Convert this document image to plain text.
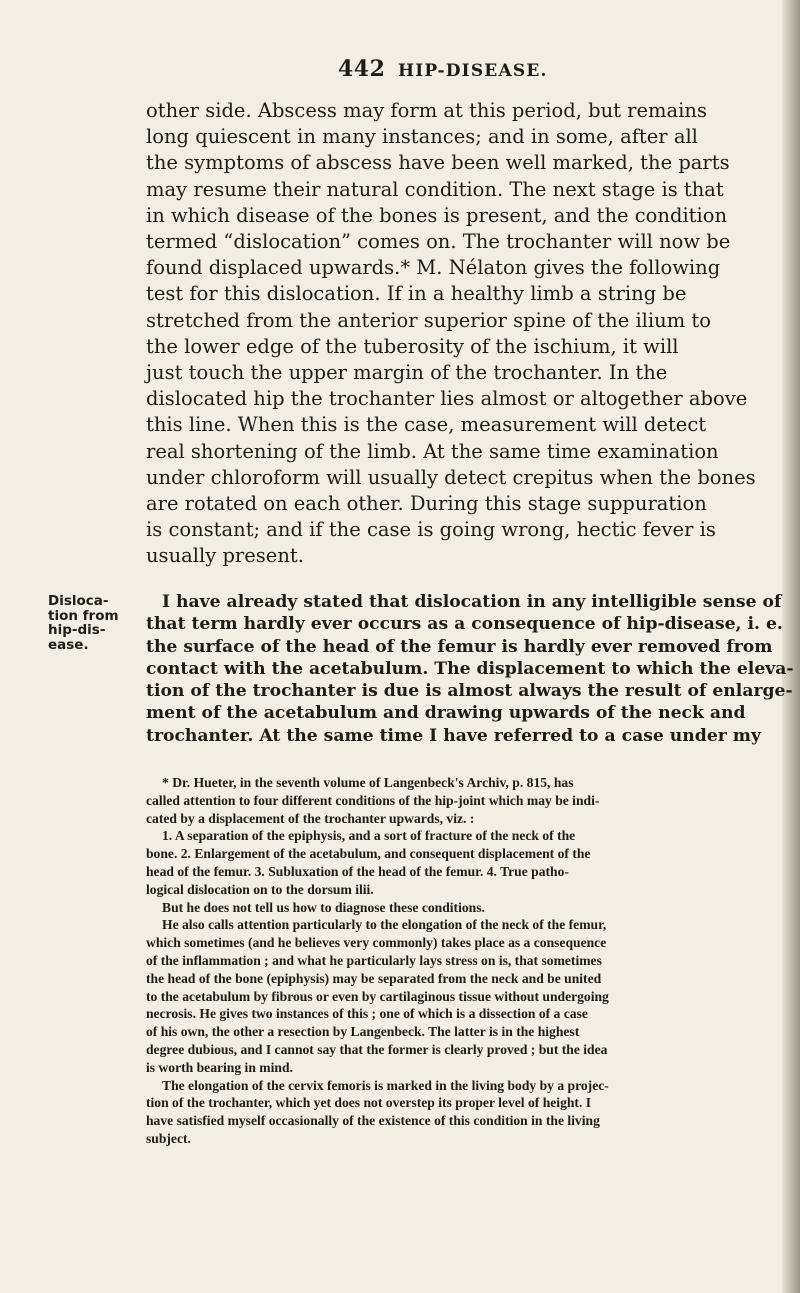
442 HIP-DISEASE.
other side. Abscess may form at this period, but remains
long quiescent in many instances; and in some, after all
the symptoms of abscess have been well marked, the parts
may resume their natural condition. The next stage is that
in which disease of the bones is present, and the condition
termed “dislocation” comes on. The trochanter will now be
found displaced upwards.* M. Nélaton gives the following
test for this dislocation. If in a healthy limb a string be
stretched from the anterior superior spine of the ilium to
the lower edge of the tuberosity of the ischium, it will
just touch the upper margin of the trochanter. In the
dislocated hip the trochanter lies almost or altogether above
this line. When this is the case, measurement will detect
real shortening of the limb. At the same time examination
under chloroform will usually detect crepitus when the bones
are rotated on each other. During this stage suppuration
is constant; and if the case is going wrong, hectic fever is
usually present.
Disloca-
tion from
hip-dis-
ease.
I have already stated that dislocation in any intelligible sense of
that term hardly ever occurs as a consequence of hip-disease, i. e.
the surface of the head of the femur is hardly ever removed from
contact with the acetabulum. The displacement to which the eleva-
tion of the trochanter is due is almost always the result of enlarge-
ment of the acetabulum and drawing upwards of the neck and
trochanter. At the same time I have referred to a case under my
* Dr. Hueter, in the seventh volume of Langenbeck's Archiv, p. 815, has
called attention to four different conditions of the hip-joint which may be indi-
cated by a displacement of the trochanter upwards, viz. :
1. A separation of the epiphysis, and a sort of fracture of the neck of the
bone. 2. Enlargement of the acetabulum, and consequent displacement of the
head of the femur. 3. Subluxation of the head of the femur. 4. True patho-
logical dislocation on to the dorsum ilii.
But he does not tell us how to diagnose these conditions.
He also calls attention particularly to the elongation of the neck of the femur,
which sometimes (and he believes very commonly) takes place as a consequence
of the inflammation ; and what he particularly lays stress on is, that sometimes
the head of the bone (epiphysis) may be separated from the neck and be united
to the acetabulum by fibrous or even by cartilaginous tissue without undergoing
necrosis. He gives two instances of this ; one of which is a dissection of a case
of his own, the other a resection by Langenbeck. The latter is in the highest
degree dubious, and I cannot say that the former is clearly proved ; but the idea
is worth bearing in mind.
The elongation of the cervix femoris is marked in the living body by a projec-
tion of the trochanter, which yet does not overstep its proper level of height. I
have satisfied myself occasionally of the existence of this condition in the living
subject.
